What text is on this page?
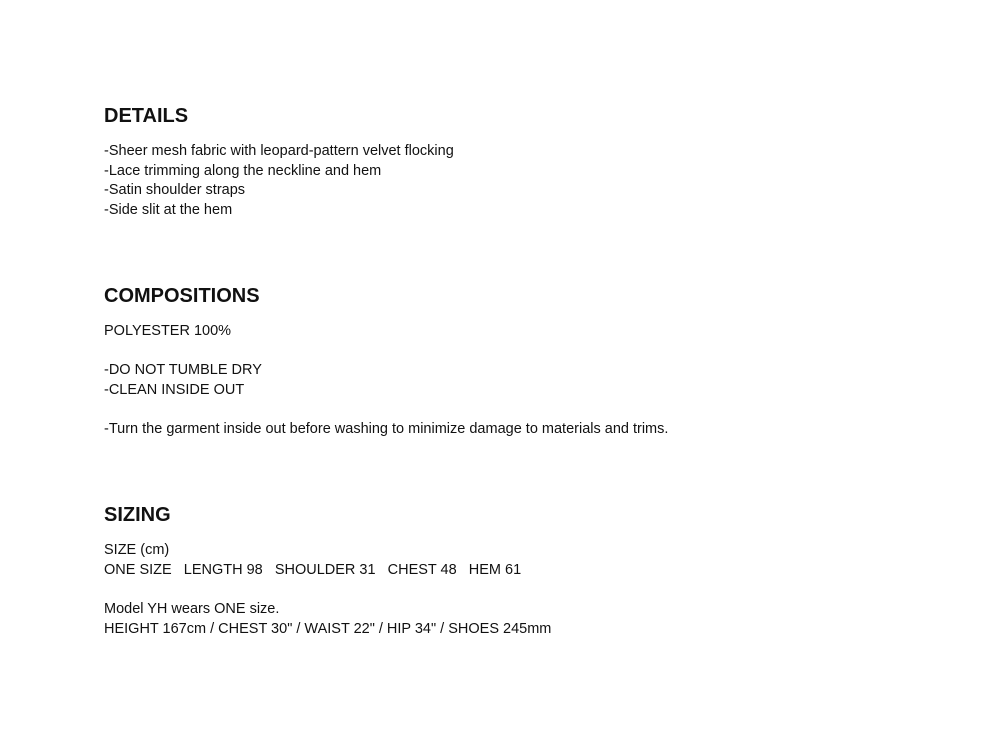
DETAILS

-Sheer mesh fabric with leopard-pattern velvet flocking

-Lace trimming along the neckline and hem

-Satin shoulder straps

-Side slit at the hem

COMPOSITIONS

POLYESTER 100%

-DO NOT TUMBLE DRY

-CLEAN INSIDE OUT

-Turn the garment inside out before washing to minimize damage to materials and trims.

SIZING

SIZE (cm)

ONE SIZE   LENGTH 98   SHOULDER 31   CHEST 48   HEM 61

Model YH wears ONE size.

HEIGHT 167cm / CHEST 30" / WAIST 22" / HIP 34" / SHOES 245mm
